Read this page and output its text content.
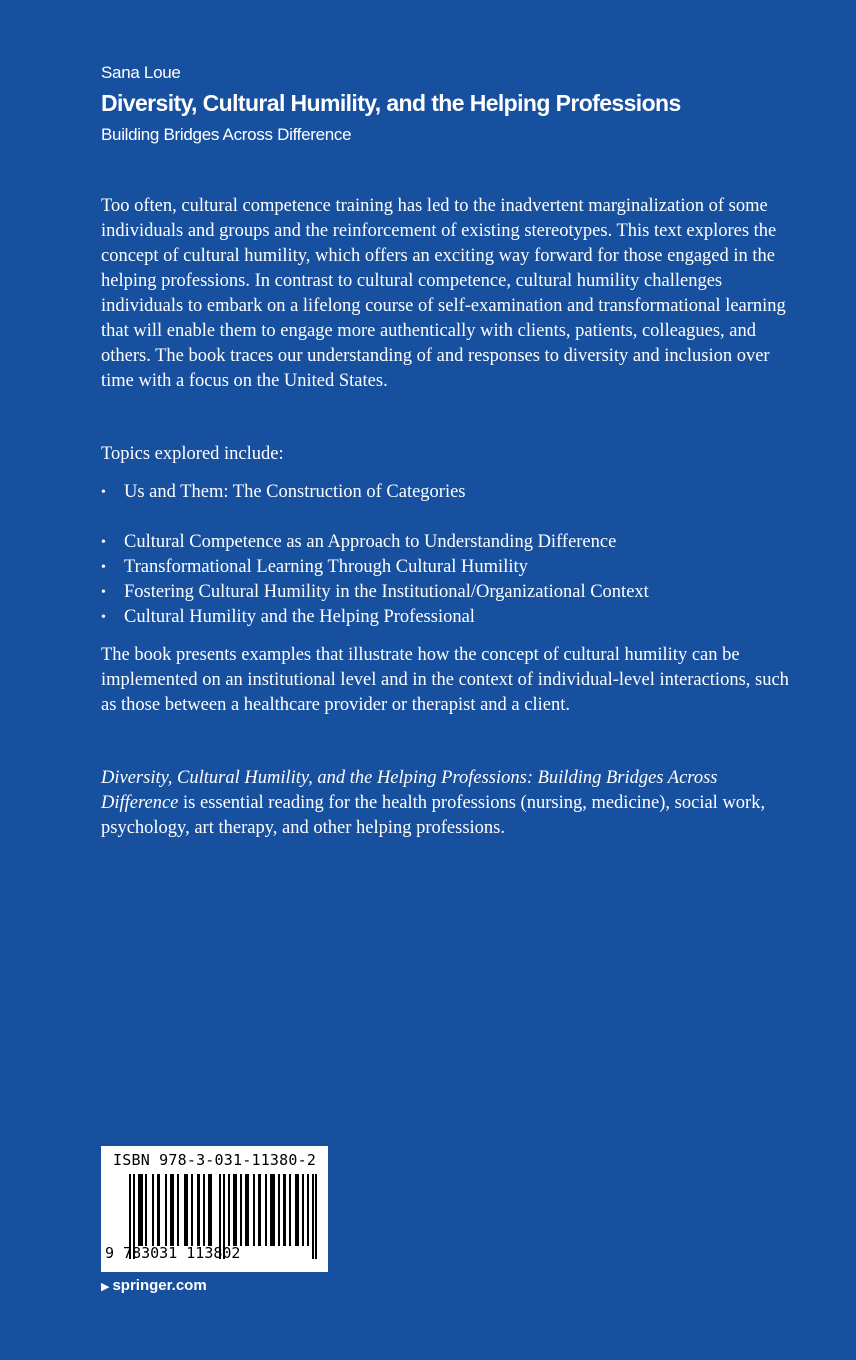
Sana Loue
Diversity, Cultural Humility, and the Helping Professions
Building Bridges Across Difference
Too often, cultural competence training has led to the inadvertent marginalization of some individuals and groups and the reinforcement of existing stereotypes. This text explores the concept of cultural humility, which offers an exciting way forward for those engaged in the helping professions. In contrast to cultural competence, cultural humility challenges individuals to embark on a lifelong course of self-examination and transformational learning that will enable them to engage more authentically with clients, patients, colleagues, and others. The book traces our understanding of and responses to diversity and inclusion over time with a focus on the United States.
Topics explored include:
• Us and Them: The Construction of Categories
• Cultural Competence as an Approach to Understanding Difference
• Transformational Learning Through Cultural Humility
• Fostering Cultural Humility in the Institutional/Organizational Context
• Cultural Humility and the Helping Professional
The book presents examples that illustrate how the concept of cultural humility can be implemented on an institutional level and in the context of individual-level interactions, such as those between a healthcare provider or therapist and a client.
Diversity, Cultural Humility, and the Helping Professions: Building Bridges Across Difference is essential reading for the health professions (nursing, medicine), social work, psychology, art therapy, and other helping professions.
ISBN 978-3-031-11380-2
9 783031 113802
▶ springer.com
